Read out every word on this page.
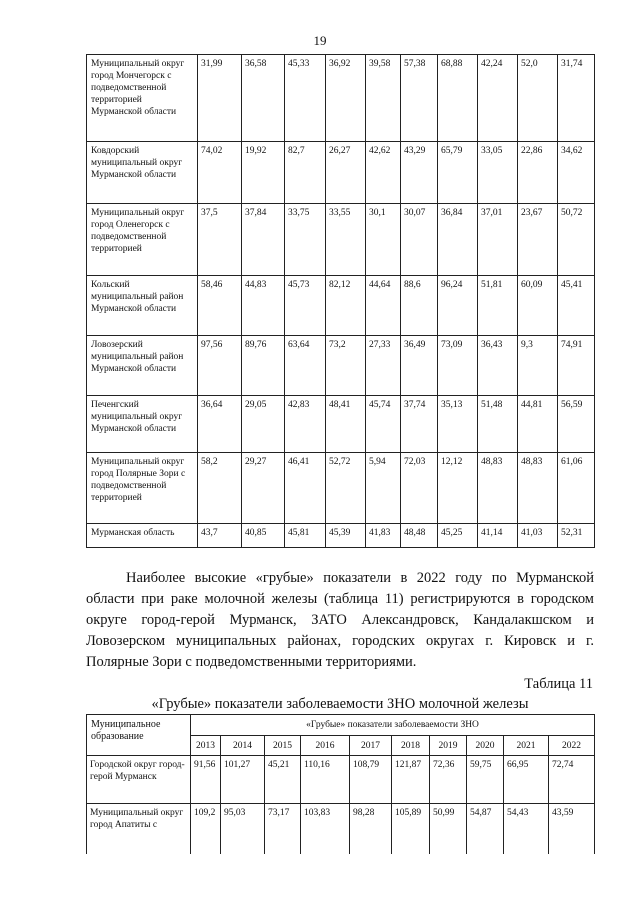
19
Муниципальный округ город Мончегорск с подведомственной территорией Мурманской области	31,99	36,58	45,33	36,92	39,58	57,38	68,88	42,24	52,0	31,74
Ковдорский муниципальный округ Мурманской области	74,02	19,92	82,7	26,27	42,62	43,29	65,79	33,05	22,86	34,62
Муниципальный округ город Оленегорск с подведомственной территорией	37,5	37,84	33,75	33,55	30,1	30,07	36,84	37,01	23,67	50,72
Кольский муниципальный район Мурманской области	58,46	44,83	45,73	82,12	44,64	88,6	96,24	51,81	60,09	45,41
Ловозерский муниципальный район Мурманской области	97,56	89,76	63,64	73,2	27,33	36,49	73,09	36,43	9,3	74,91
Печенгский муниципальный округ Мурманской области	36,64	29,05	42,83	48,41	45,74	37,74	35,13	51,48	44,81	56,59
Муниципальный округ город Полярные Зори с подведомственной территорией	58,2	29,27	46,41	52,72	5,94	72,03	12,12	48,83	48,83	61,06
Мурманская область	43,7	40,85	45,81	45,39	41,83	48,48	45,25	41,14	41,03	52,31
Наиболее высокие «грубые» показатели в 2022 году по Мурманской области при раке молочной железы (таблица 11) регистрируются в городском округе город-герой Мурманск, ЗАТО Александровск, Кандалакшском и Ловозерском муниципальных районах, городских округах г. Кировск и г. Полярные Зори с подведомственными территориями.
Таблица 11
«Грубые» показатели заболеваемости ЗНО молочной железы
Муниципальное образование	«Грубые» показатели заболеваемости ЗНО									
	2013	2014	2015	2016	2017	2018	2019	2020	2021	2022
Городской округ город-герой Мурманск	91,56	101,27	45,21	110,16	108,79	121,87	72,36	59,75	66,95	72,74
Муниципальный округ город Апатиты с	109,2	95,03	73,17	103,83	98,28	105,89	50,99	54,87	54,43	43,59
